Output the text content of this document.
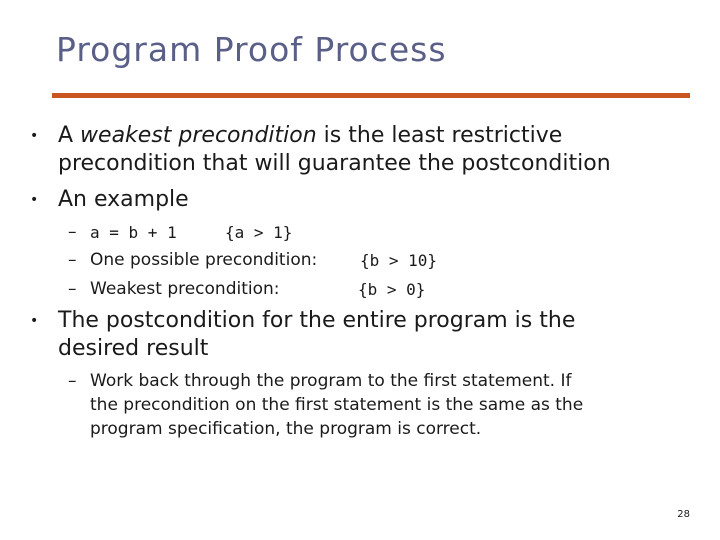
Program Proof Process
• A weakest precondition is the least restrictive
precondition that will guarantee the postcondition
• An example
– a = b + 1	{a > 1}
– One possible precondition:	{b > 10}
– Weakest precondition:	{b > 0}
• The postcondition for the entire program is the
desired result
– Work back through the program to the first statement. If
the precondition on the first statement is the same as the
program specification, the program is correct.
28
